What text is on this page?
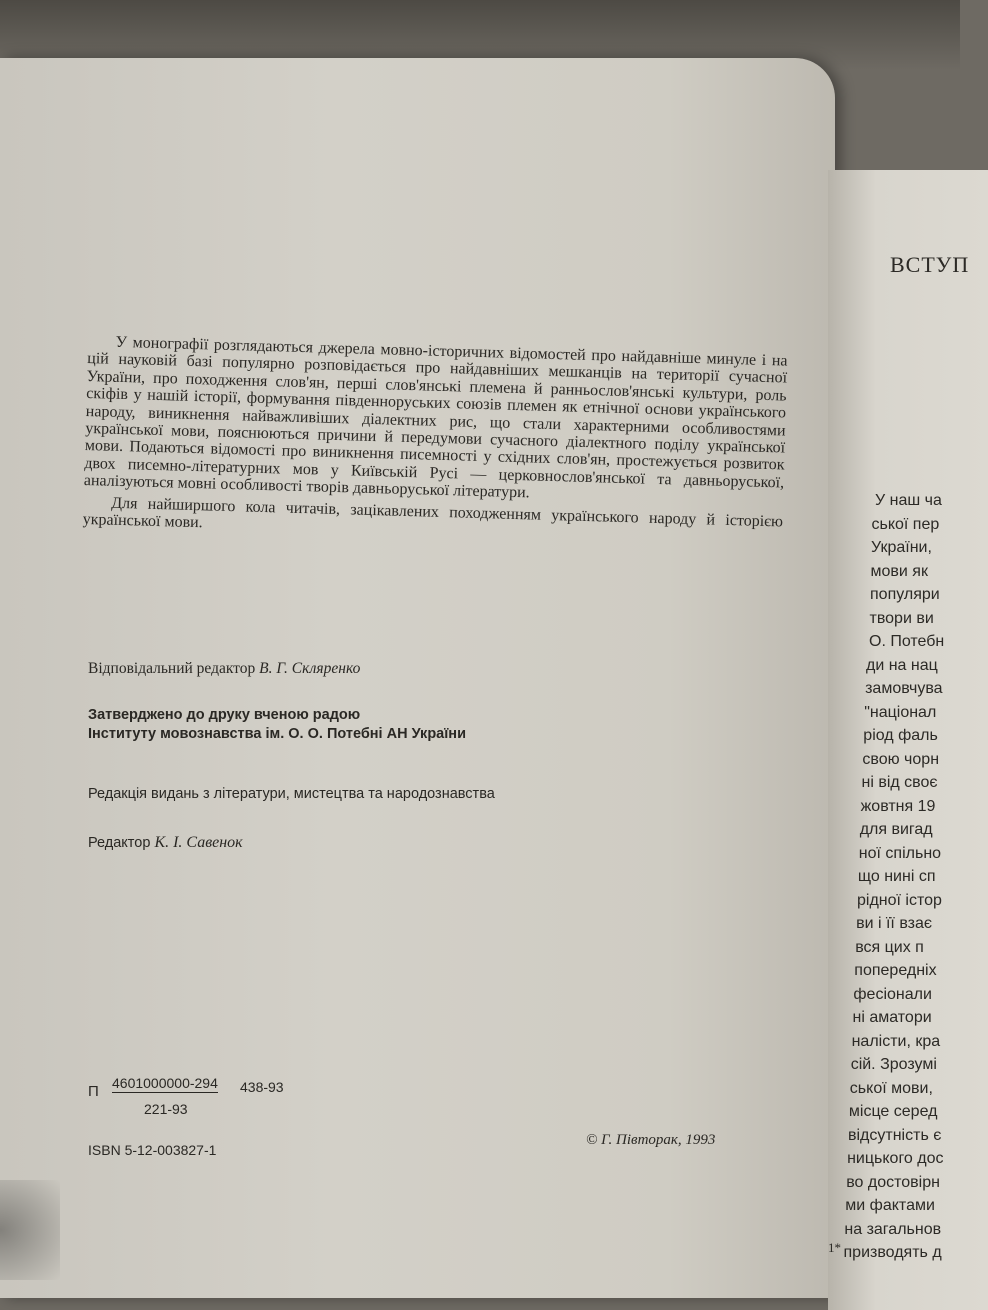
У монографії розглядаються джерела мовно-історичних відомостей про найдавніше минуле і на цій науковій базі популярно розповідається про найдавніших мешканців на території сучасної України, про походження слов'ян, перші слов'янські племена й ранньослов'янські культури, роль скіфів у нашій історії, формування південноруських союзів племен як етнічної основи українського народу, виникнення найважливіших діалектних рис, що стали характерними особливостями української мови, пояснюються причини й передумови сучасного діалектного поділу української мови. Подаються відомості про виникнення писемності у східних слов'ян, простежується розвиток двох писемно-літературних мов у Київській Русі — церковнослов'янської та давньоруської, аналізуються мовні особливості творів давньоруської літератури.

Для найширшого кола читачів, зацікавлених походженням українського народу й історією української мови.

Відповідальний редактор В. Г. Скляренко
Затверджено до друку вченою радою
Інституту мовознавства ім. О. О. Потебні АН України
Редакція видань з літератури, мистецтва та народознавства
Редактор К. І. Савенок
П 4601000000-294 438-93
221-93
ISBN 5-12-003827-1
© Г. Півторак, 1993
ВСТУП
У наш ча
ської пер
України,
мови як
популяри
твори ви
О. Потебн
ди на нац
замовчува
"націонал
ріод фаль
свою чорн
ні від своє
жовтня 19
для вигад
ної спільно
що нині сп
рідної істор
ви і її взає
вся цих п
попередніх
фесіонали
ні аматори
налісти, кра
сій. Зрозумі
ської мови,
місце серед
відсутність є
ницького дос
во достовірн
ми фактами
на загальнов
призводять д
1*
